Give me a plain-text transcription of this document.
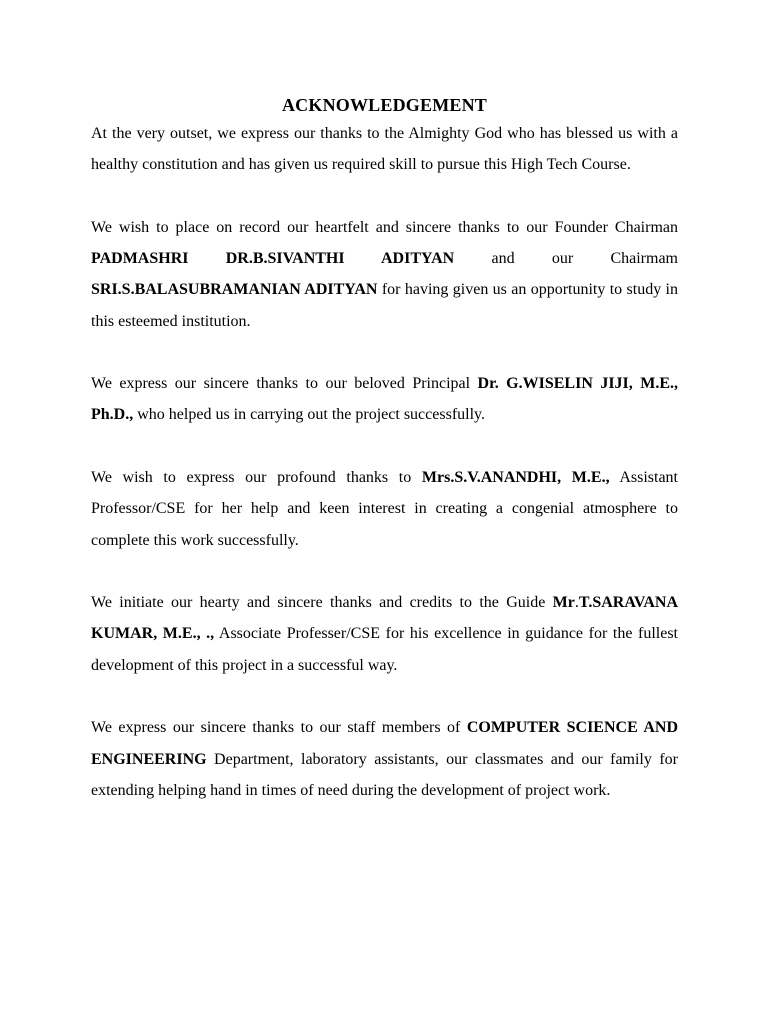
ACKNOWLEDGEMENT

At the very outset, we express our thanks to the Almighty God who has blessed us with a healthy constitution and has given us required skill to pursue this High Tech Course.

We wish to place on record our heartfelt and sincere thanks to our Founder Chairman PADMASHRI DR.B.SIVANTHI ADITYAN and our Chairmam SRI.S.BALASUBRAMANIAN ADITYAN for having given us an opportunity to study in this esteemed institution.

We express our sincere thanks to our beloved Principal Dr. G.WISELIN JIJI, M.E., Ph.D., who helped us in carrying out the project successfully.

We wish to express our profound thanks to Mrs.S.V.ANANDHI, M.E., Assistant Professor/CSE for her help and keen interest in creating a congenial atmosphere to complete this work successfully.

We initiate our hearty and sincere thanks and credits to the Guide Mr.T.SARAVANA KUMAR, M.E., ., Associate Professer/CSE for his excellence in guidance for the fullest development of this project in a successful way.

We express our sincere thanks to our staff members of COMPUTER SCIENCE AND ENGINEERING Department, laboratory assistants, our classmates and our family for extending helping hand in times of need during the development of project work.
